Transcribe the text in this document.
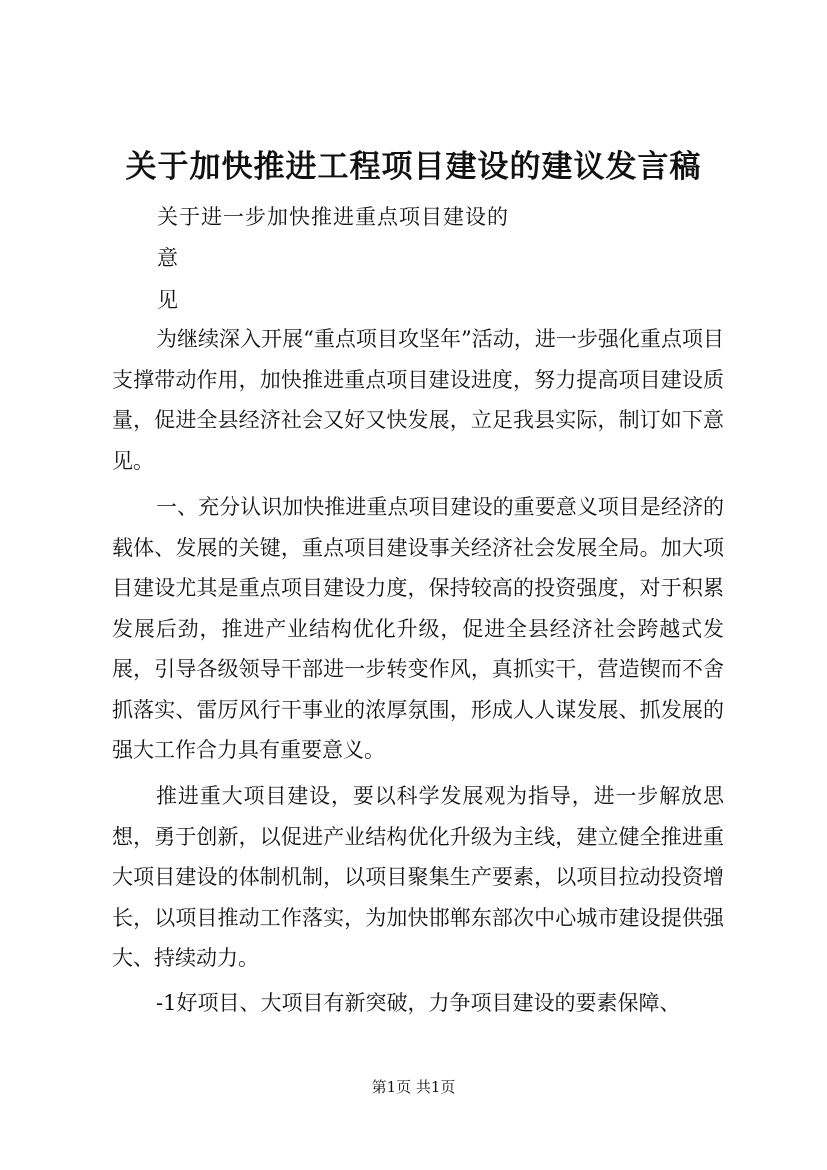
关于加快推进工程项目建设的建议发言稿
关于进一步加快推进重点项目建设的
意
见

为继续深入开展“重点项目攻坚年”活动，进一步强化重点项目支撑带动作用，加快推进重点项目建设进度，努力提高项目建设质量，促进全县经济社会又好又快发展，立足我县实际，制订如下意见。

一、充分认识加快推进重点项目建设的重要意义项目是经济的载体、发展的关键，重点项目建设事关经济社会发展全局。加大项目建设尤其是重点项目建设力度，保持较高的投资强度，对于积累发展后劲，推进产业结构优化升级，促进全县经济社会跨越式发展，引导各级领导干部进一步转变作风，真抓实干，营造锲而不舍抓落实、雷厉风行干事业的浓厚氛围，形成人人谋发展、抓发展的强大工作合力具有重要意义。

推进重大项目建设，要以科学发展观为指导，进一步解放思想，勇于创新，以促进产业结构优化升级为主线，建立健全推进重大项目建设的体制机制，以项目聚集生产要素，以项目拉动投资增长，以项目推动工作落实，为加快邯郸东部次中心城市建设提供强大、持续动力。

-1好项目、大项目有新突破，力争项目建设的要素保障、

第1页 共1页
